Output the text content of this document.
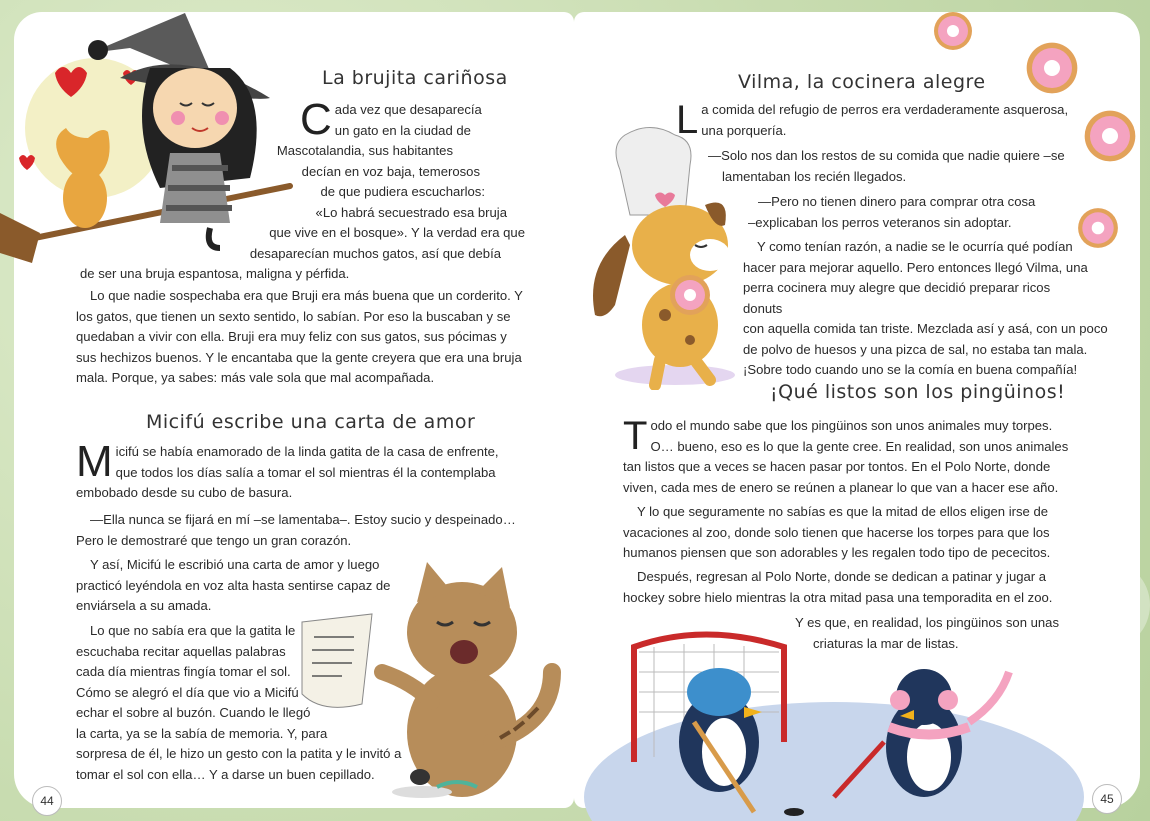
La brujita cariñosa
C ada vez que desaparecía
un gato en la ciudad de

Mascotalandia, sus habitantes

decían en voz baja, temerosos

de que pudiera escucharlos:

«Lo habrá secuestrado esa bruja

que vive en el bosque». Y la verdad era que

desaparecían muchos gatos, así que debía

de ser una bruja espantosa, maligna y pérfida.

Lo que nadie sospechaba era que Bruji era más buena que un corderito. Y los gatos, que tienen un sexto sentido, lo sabían. Por eso la buscaban y se quedaban a vivir con ella. Bruji era muy feliz con sus gatos, sus pócimas y sus hechizos buenos. Y le encantaba que la gente creyera que era una bruja mala. Porque, ya sabes: más vale sola que mal acompañada.

Micifú escribe una carta de amor
M icifú se había enamorado de la linda gatita de la casa de enfrente,
que todos los días salía a tomar el sol mientras él la contemplaba
embobado desde su cubo de basura.

—Ella nunca se fijará en mí –se lamentaba–. Estoy sucio y despeinado… Pero le demostraré que tengo un gran corazón.

Y así, Micifú le escribió una carta de amor y luego

practicó leyéndola en voz alta hasta sentirse capaz de

enviársela a su amada.

Lo que no sabía era que la gatita le

escuchaba recitar aquellas palabras

cada día mientras fingía tomar el sol.

Cómo se alegró el día que vio a Micifú

echar el sobre al buzón. Cuando le llegó

la carta, ya se la sabía de memoria. Y, para

sorpresa de él, le hizo un gesto con la patita y le invitó a

tomar el sol con ella… Y a darse un buen cepillado.

44
Vilma, la cocinera alegre
L a comida del refugio de perros era verdaderamente asquerosa,
una porquería.

—Solo nos dan los restos de su comida que nadie quiere –se

lamentaban los recién llegados.

—Pero no tienen dinero para comprar otra cosa

–explicaban los perros veteranos sin adoptar.

Y como tenían razón, a nadie se le ocurría qué podían

hacer para mejorar aquello. Pero entonces llegó Vilma, una

perra cocinera muy alegre que decidió preparar ricos donuts

con aquella comida tan triste. Mezclada así y asá, con un poco

de polvo de huesos y una pizca de sal, no estaba tan mala.

¡Sobre todo cuando uno se la comía en buena compañía!

¡Qué listos son los pingüinos!
T odo el mundo sabe que los pingüinos son unos animales muy torpes.
O… bueno, eso es lo que la gente cree. En realidad, son unos animales
tan listos que a veces se hacen pasar por tontos. En el Polo Norte, donde viven, cada mes de enero se reúnen a planear lo que van a hacer ese año.

Y lo que seguramente no sabías es que la mitad de ellos eligen irse de vacaciones al zoo, donde solo tienen que hacerse los torpes para que los humanos piensen que son adorables y les regalen todo tipo de pececitos.

Después, regresan al Polo Norte, donde se dedican a patinar y jugar a hockey sobre hielo mientras la otra mitad pasa una temporadita en el zoo.

Y es que, en realidad, los pingüinos son unas

criaturas la mar de listas.

45
